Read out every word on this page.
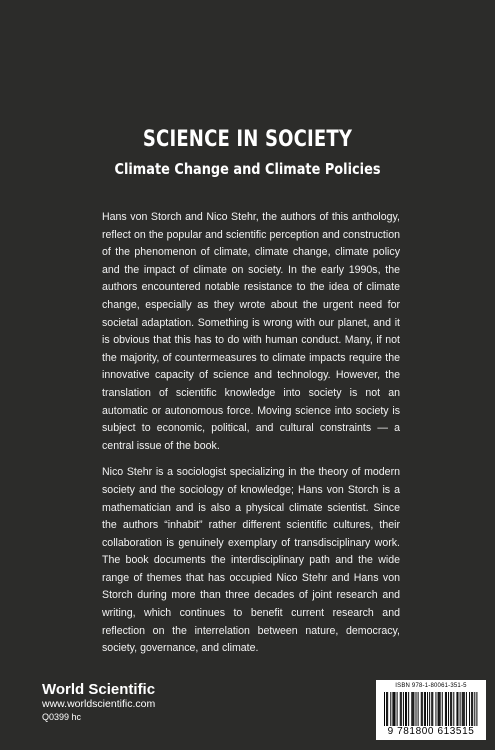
SCIENCE IN SOCIETY
Climate Change and Climate Policies

Hans von Storch and Nico Stehr, the authors of this anthology, reflect on the popular and scientific perception and construction of the phenomenon of climate, climate change, climate policy and the impact of climate on society. In the early 1990s, the authors encountered notable resistance to the idea of climate change, especially as they wrote about the urgent need for societal adaptation. Something is wrong with our planet, and it is obvious that this has to do with human conduct. Many, if not the majority, of countermeasures to climate impacts require the innovative capacity of science and technology. However, the translation of scientific knowledge into society is not an automatic or autonomous force. Moving science into society is subject to economic, political, and cultural constraints — a central issue of the book.

Nico Stehr is a sociologist specializing in the theory of modern society and the sociology of knowledge; Hans von Storch is a mathematician and is also a physical climate scientist. Since the authors “inhabit” rather different scientific cultures, their collaboration is genuinely exemplary of transdisciplinary work. The book documents the interdisciplinary path and the wide range of themes that has occupied Nico Stehr and Hans von Storch during more than three decades of joint research and writing, which continues to benefit current research and reflection on the interrelation between nature, democracy, society, governance, and climate.

World Scientific
www.worldscientific.com
Q0399 hc
ISBN 978-1-80061-351-5
9 781800 613515
